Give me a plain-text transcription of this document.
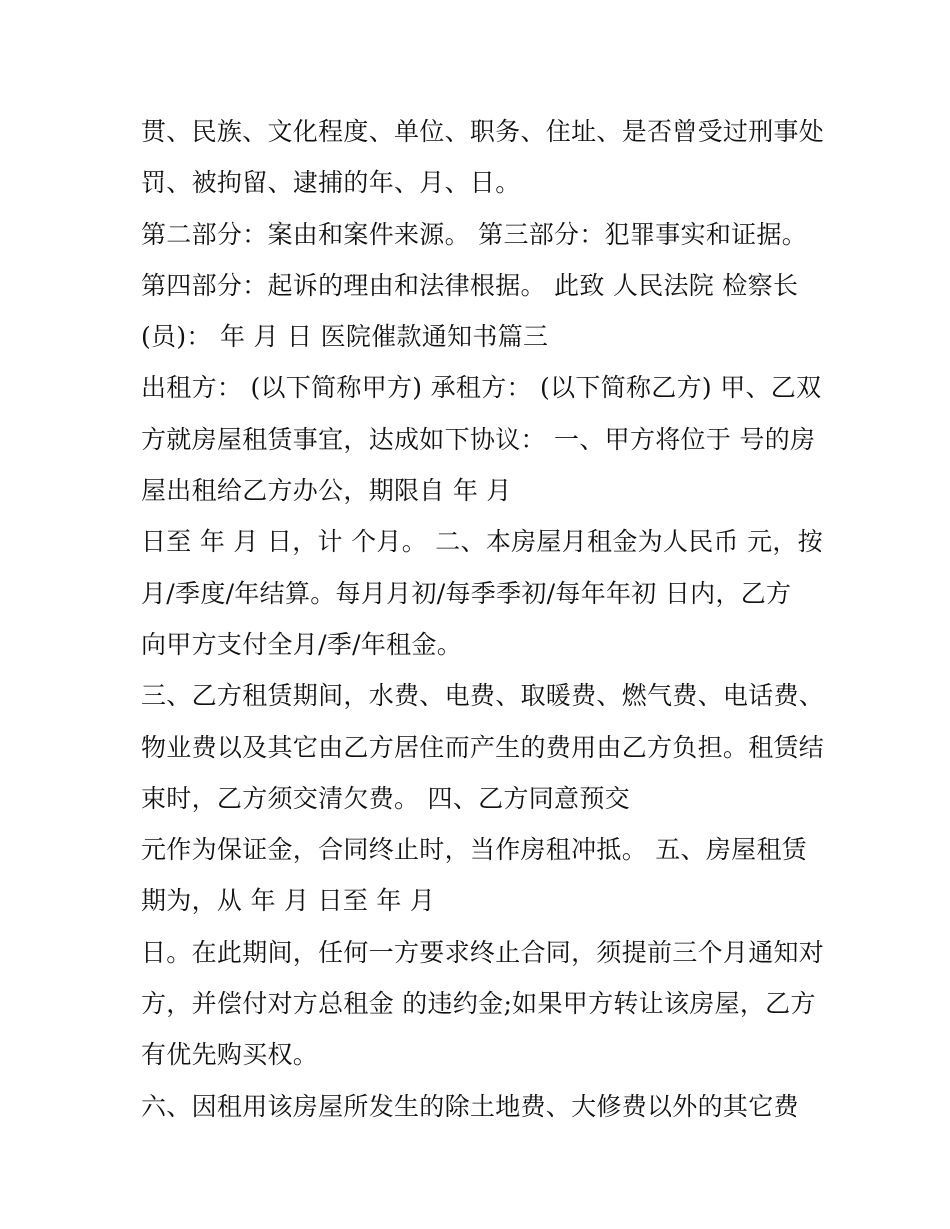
贯、民族、文化程度、单位、职务、住址、是否曾受过刑事处
罚、被拘留、逮捕的年、月、日。
第二部分：案由和案件来源。 第三部分：犯罪事实和证据。
第四部分：起诉的理由和法律根据。 此致 人民法院 检察长
(员)： 年 月 日 医院催款通知书篇三
出租方： (以下简称甲方) 承租方： (以下简称乙方) 甲、乙双
方就房屋租赁事宜，达成如下协议： 一、甲方将位于 号的房
屋出租给乙方办公，期限自 年 月
日至 年 月 日，计 个月。 二、本房屋月租金为人民币 元，按
月/季度/年结算。每月月初/每季季初/每年年初 日内，乙方
向甲方支付全月/季/年租金。
三、乙方租赁期间，水费、电费、取暖费、燃气费、电话费、
物业费以及其它由乙方居住而产生的费用由乙方负担。租赁结
束时，乙方须交清欠费。 四、乙方同意预交
元作为保证金，合同终止时，当作房租冲抵。 五、房屋租赁
期为，从 年 月 日至 年 月
日。在此期间，任何一方要求终止合同，须提前三个月通知对
方，并偿付对方总租金 的违约金;如果甲方转让该房屋，乙方
有优先购买权。
六、因租用该房屋所发生的除土地费、大修费以外的其它费
